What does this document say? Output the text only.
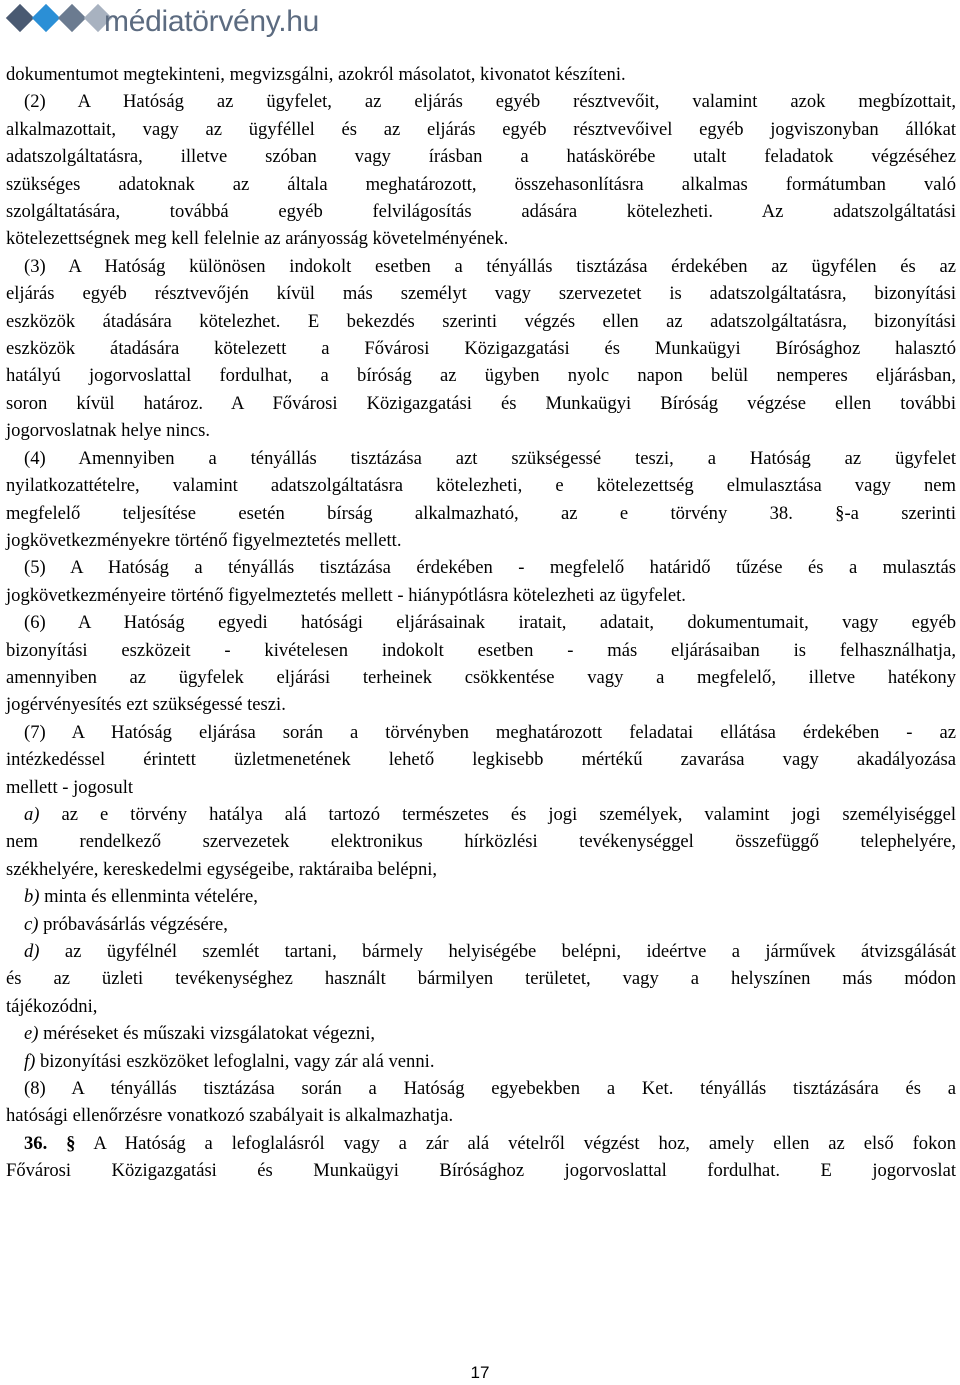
médiatörvény.hu
dokumentumot megtekinteni, megvizsgálni, azokról másolatot, kivonatot készíteni.
(2) A Hatóság az ügyfelet, az eljárás egyéb résztvevőit, valamint azok megbízottait,
alkalmazottait, vagy az ügyféllel és az eljárás egyéb résztvevőivel egyéb jogviszonyban állókat
adatszolgáltatásra, illetve szóban vagy írásban a hatáskörébe utalt feladatok végzéséhez
szükséges adatoknak az általa meghatározott, összehasonlításra alkalmas formátumban való
szolgáltatására, továbbá egyéb felvilágosítás adására kötelezheti. Az adatszolgáltatási
kötelezettségnek meg kell felelnie az arányosság követelményének.
(3) A Hatóság különösen indokolt esetben a tényállás tisztázása érdekében az ügyfélen és az
eljárás egyéb résztvevőjén kívül más személyt vagy szervezetet is adatszolgáltatásra, bizonyítási
eszközök átadására kötelezhet. E bekezdés szerinti végzés ellen az adatszolgáltatásra, bizonyítási
eszközök átadására kötelezett a Fővárosi Közigazgatási és Munkaügyi Bírósághoz halasztó
hatályú jogorvoslattal fordulhat, a bíróság az ügyben nyolc napon belül nemperes eljárásban,
soron kívül határoz. A Fővárosi Közigazgatási és Munkaügyi Bíróság végzése ellen további
jogorvoslatnak helye nincs.
(4) Amennyiben a tényállás tisztázása azt szükségessé teszi, a Hatóság az ügyfelet
nyilatkozattételre, valamint adatszolgáltatásra kötelezheti, e kötelezettség elmulasztása vagy nem
megfelelő teljesítése esetén bírság alkalmazható, az e törvény 38. §-a szerinti
jogkövetkezményekre történő figyelmeztetés mellett.
(5) A Hatóság a tényállás tisztázása érdekében - megfelelő határidő tűzése és a mulasztás
jogkövetkezményeire történő figyelmeztetés mellett - hiánypótlásra kötelezheti az ügyfelet.
(6) A Hatóság egyedi hatósági eljárásainak iratait, adatait, dokumentumait, vagy egyéb
bizonyítási eszközeit - kivételesen indokolt esetben - más eljárásaiban is felhasználhatja,
amennyiben az ügyfelek eljárási terheinek csökkentése vagy a megfelelő, illetve hatékony
jogérvényesítés ezt szükségessé teszi.
(7) A Hatóság eljárása során a törvényben meghatározott feladatai ellátása érdekében - az
intézkedéssel érintett üzletmenetének lehető legkisebb mértékű zavarása vagy akadályozása
mellett - jogosult
a) az e törvény hatálya alá tartozó természetes és jogi személyek, valamint jogi személyiséggel
nem rendelkező szervezetek elektronikus hírközlési tevékenységgel összefüggő telephelyére,
székhelyére, kereskedelmi egységeibe, raktáraiba belépni,
b) minta és ellenminta vételére,
c) próbavásárlás végzésére,
d) az ügyfélnél szemlét tartani, bármely helyiségébe belépni, ideértve a járművek átvizsgálását
és az üzleti tevékenységhez használt bármilyen területet, vagy a helyszínen más módon
tájékozódni,
e) méréseket és műszaki vizsgálatokat végezni,
f) bizonyítási eszközöket lefoglalni, vagy zár alá venni.
(8) A tényállás tisztázása során a Hatóság egyebekben a Ket. tényállás tisztázására és a
hatósági ellenőrzésre vonatkozó szabályait is alkalmazhatja.
36. § A Hatóság a lefoglalásról vagy a zár alá vételről végzést hoz, amely ellen az első fokon
Fővárosi Közigazgatási és Munkaügyi Bírósághoz jogorvoslattal fordulhat. E jogorvoslat
17
